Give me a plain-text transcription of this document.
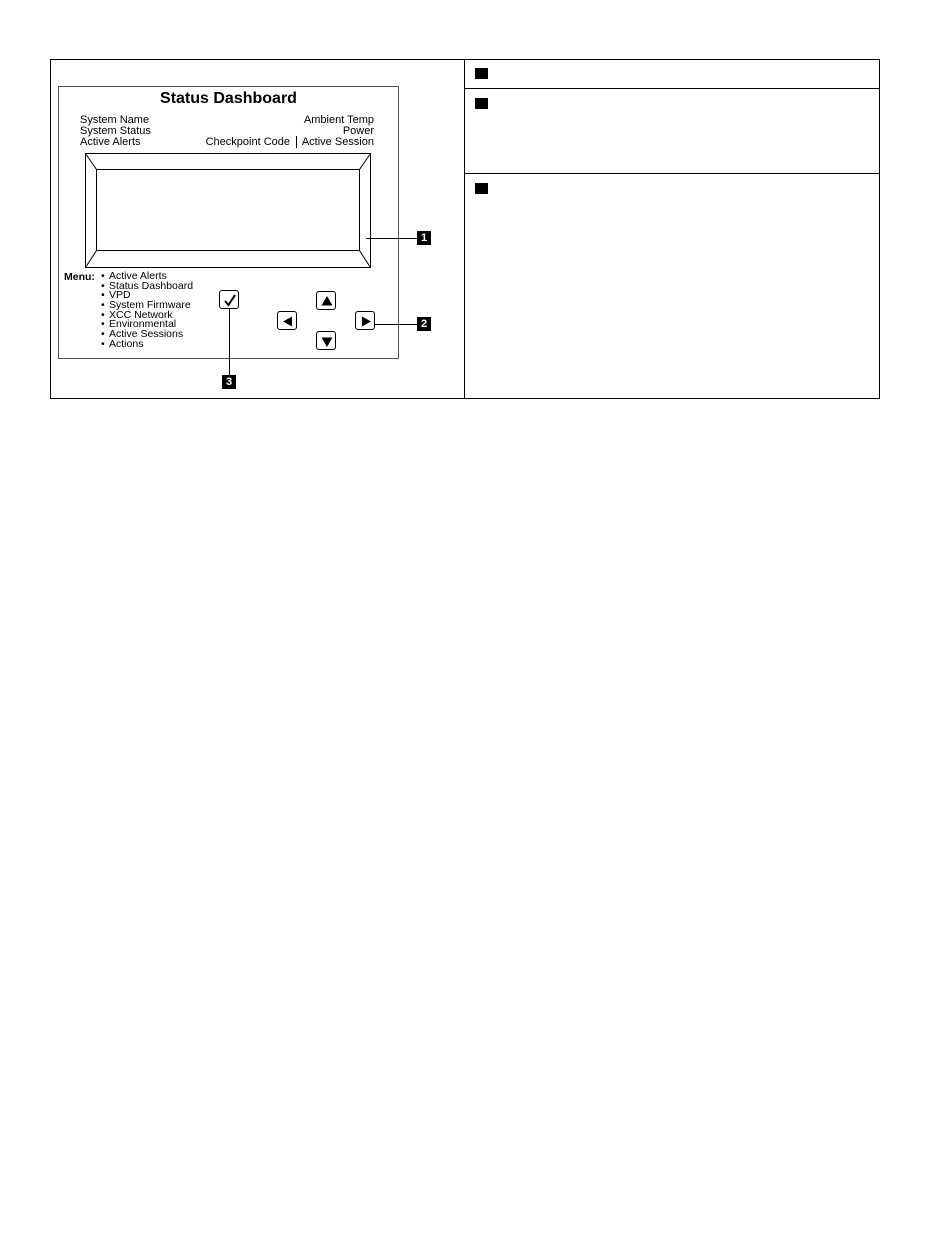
Status Dashboard
System Name
System Status
Active Alerts
Ambient Temp
Power
Checkpoint Code Active Session
Menu: • Active Alerts
• Status Dashboard
• VPD
• System Firmware
• XCC Network
• Environmental
• Active Sessions
• Actions
1
2
3
